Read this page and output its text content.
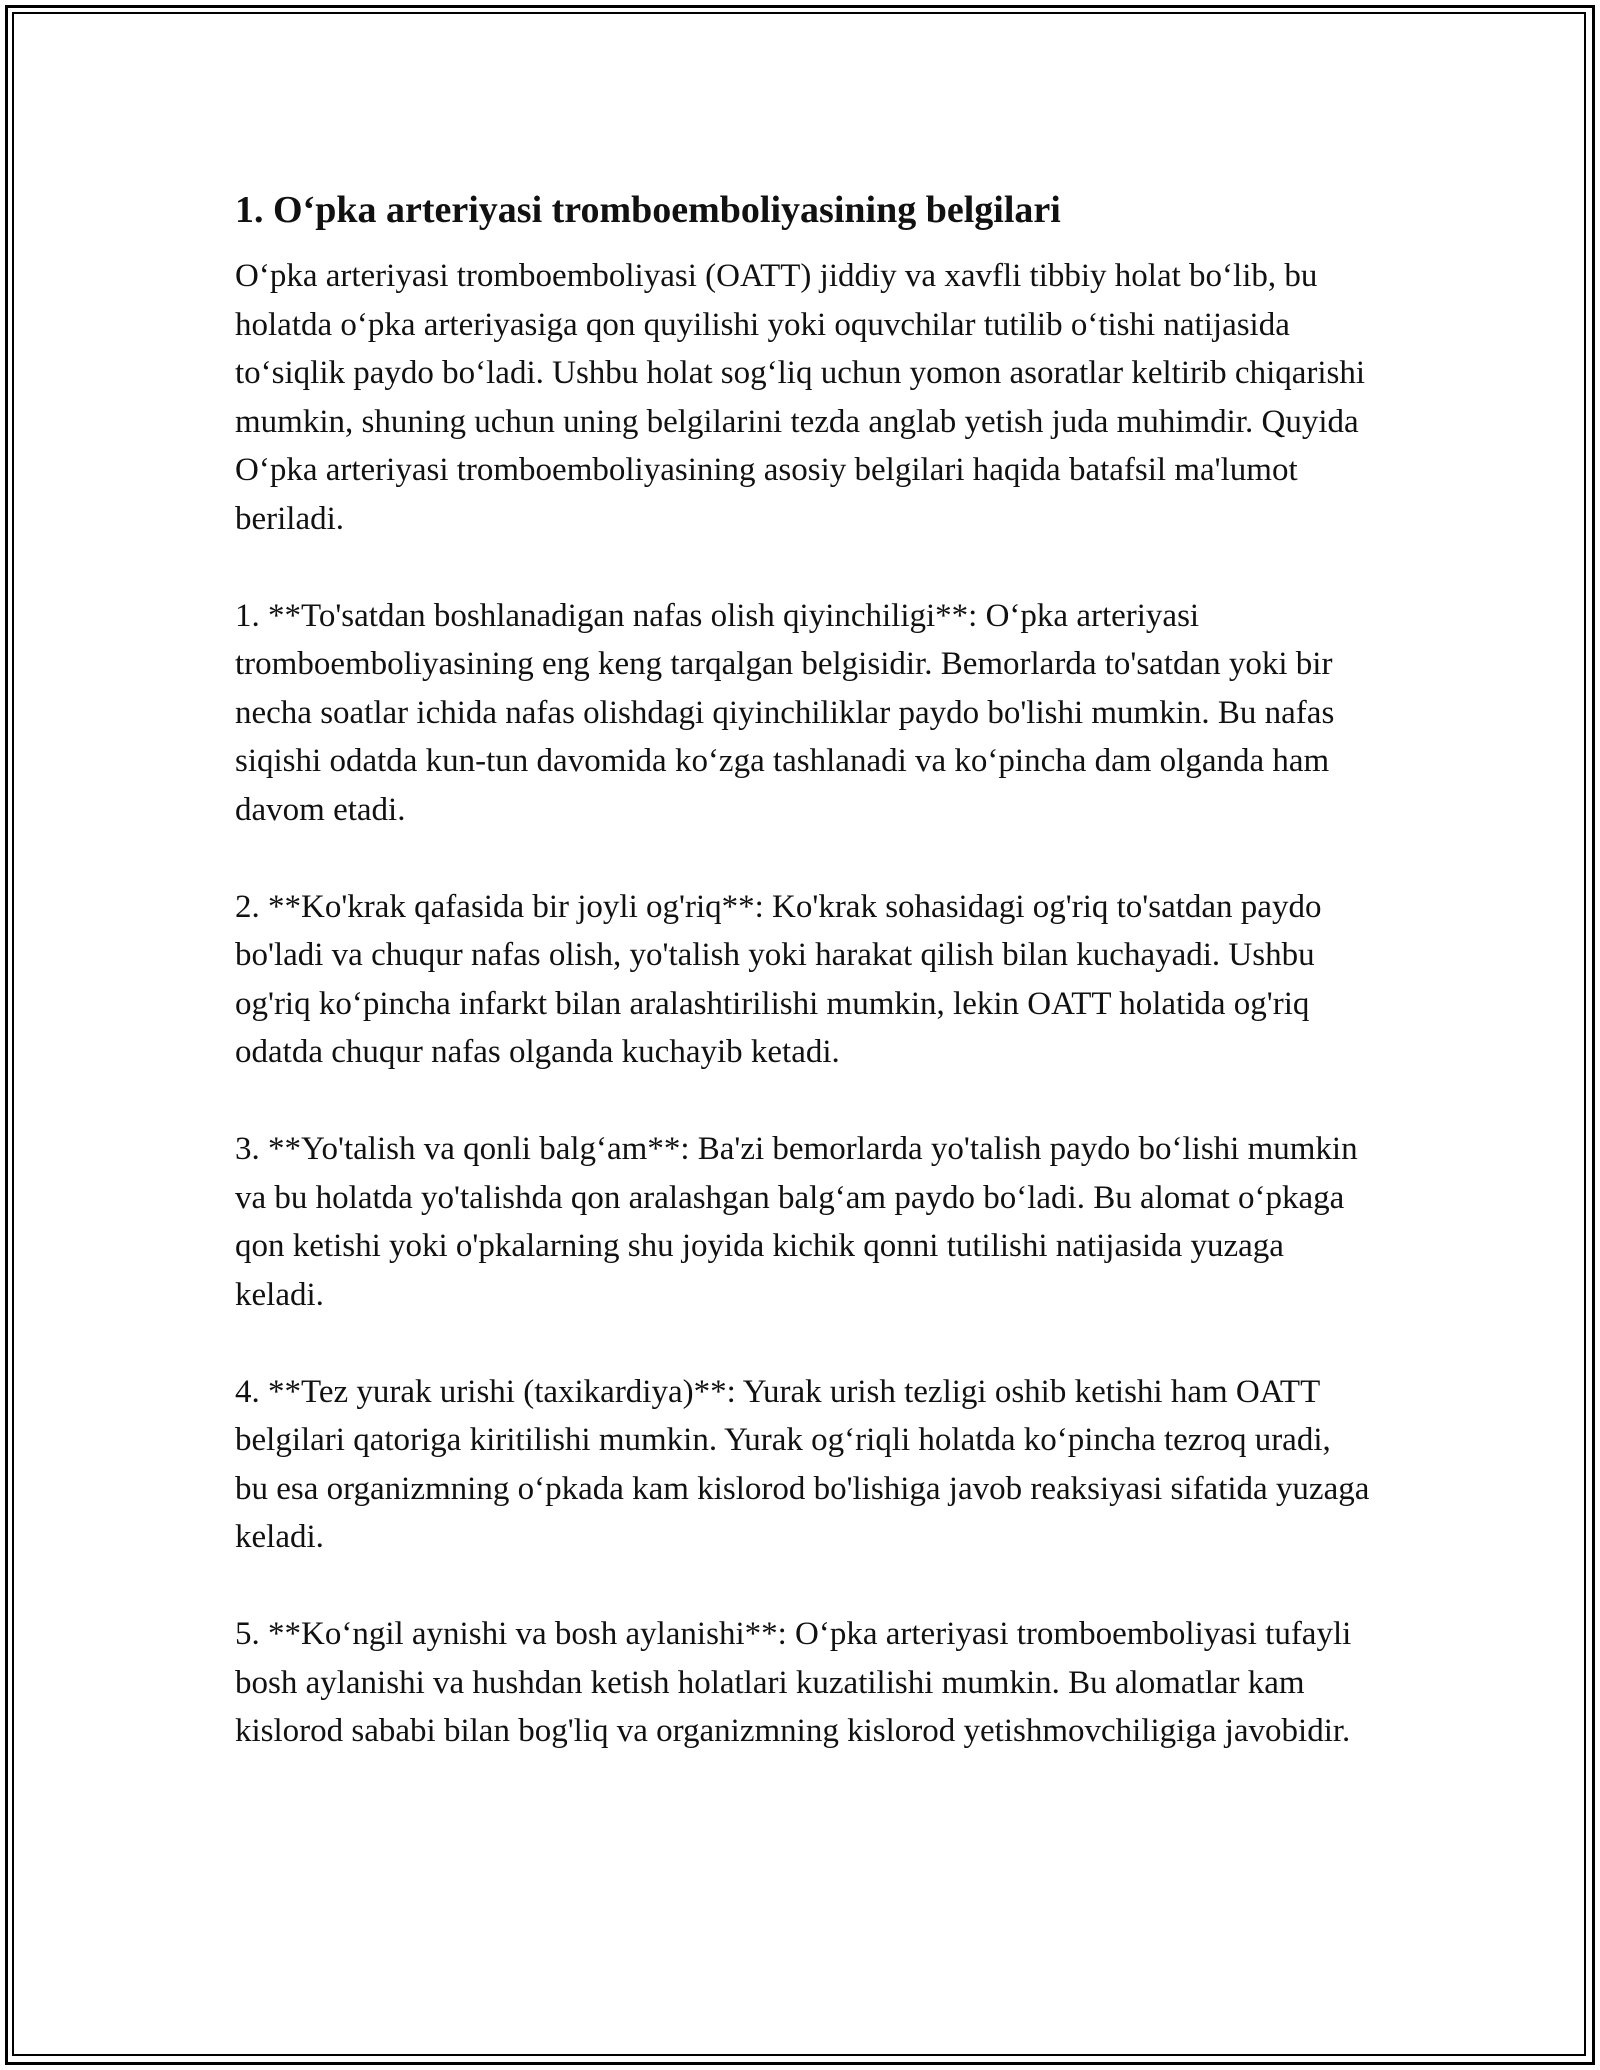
1. O‘pka arteriyasi tromboemboliyasining belgilari

O‘pka arteriyasi tromboemboliyasi (OATT) jiddiy va xavfli tibbiy holat bo‘lib, bu holatda o‘pka arteriyasiga qon quyilishi yoki oquvchilar tutilib o‘tishi natijasida to‘siqlik paydo bo‘ladi. Ushbu holat sog‘liq uchun yomon asoratlar keltirib chiqarishi mumkin, shuning uchun uning belgilarini tezda anglab yetish juda muhimdir. Quyida O‘pka arteriyasi tromboemboliyasining asosiy belgilari haqida batafsil ma'lumot beriladi.

1. **To'satdan boshlanadigan nafas olish qiyinchiligi**: O‘pka arteriyasi tromboemboliyasining eng keng tarqalgan belgisidir. Bemorlarda to'satdan yoki bir necha soatlar ichida nafas olishdagi qiyinchiliklar paydo bo'lishi mumkin. Bu nafas siqishi odatda kun-tun davomida ko‘zga tashlanadi va ko‘pincha dam olganda ham davom etadi.

2. **Ko'krak qafasida bir joyli og'riq**: Ko'krak sohasidagi og'riq to'satdan paydo bo'ladi va chuqur nafas olish, yo'talish yoki harakat qilish bilan kuchayadi. Ushbu og'riq ko‘pincha infarkt bilan aralashtirilishi mumkin, lekin OATT holatida og'riq odatda chuqur nafas olganda kuchayib ketadi.

3. **Yo'talish va qonli balg‘am**: Ba'zi bemorlarda yo'talish paydo bo‘lishi mumkin va bu holatda yo'talishda qon aralashgan balg‘am paydo bo‘ladi. Bu alomat o‘pkaga qon ketishi yoki o'pkalarning shu joyida kichik qonni tutilishi natijasida yuzaga keladi.

4. **Tez yurak urishi (taxikardiya)**: Yurak urish tezligi oshib ketishi ham OATT belgilari qatoriga kiritilishi mumkin. Yurak og‘riqli holatda ko‘pincha tezroq uradi, bu esa organizmning o‘pkada kam kislorod bo'lishiga javob reaksiyasi sifatida yuzaga keladi.

5. **Ko‘ngil aynishi va bosh aylanishi**: O‘pka arteriyasi tromboemboliyasi tufayli bosh aylanishi va hushdan ketish holatlari kuzatilishi mumkin. Bu alomatlar kam kislorod sababi bilan bog'liq va organizmning kislorod yetishmovchiligiga javobidir.
